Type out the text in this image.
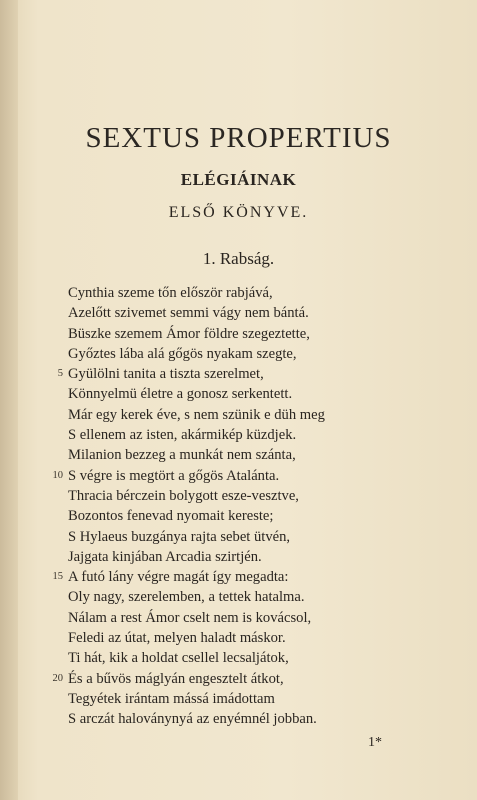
SEXTUS PROPERTIUS
ELÉGIÁINAK
ELSŐ KÖNYVE.
1. Rabság.
Cynthia szeme tőn először rabjává,
Azelőtt szivemet semmi vágy nem bántá.
Büszke szemem Ámor földre szegeztette,
Győztes lába alá gőgös nyakam szegte,
5 Gyülölni tanita a tiszta szerelmet,
Könnyelmü életre a gonosz serkentett.
Már egy kerek éve, s nem szünik e düh meg
S ellenem az isten, akármikép küzdjek.
Milanion bezzeg a munkát nem szánta,
10 S végre is megtört a gőgös Atalánta.
Thracia bérczein bolygott esze-vesztve,
Bozontos fenevad nyomait kereste;
S Hylaeus buzgánya rajta sebet ütvén,
Jajgata kinjában Arcadia szirtjén.
15 A futó lány végre magát így megadta:
Oly nagy, szerelemben, a tettek hatalma.
Nálam a rest Ámor cselt nem is kovácsol,
Feledi az útat, melyen haladt máskor.
Ti hát, kik a holdat csellel lecsaljátok,
20 És a bűvös máglyán engesztelt átkot,
Tegyétek irántam mássá imádottam
S arczát haloványnyá az enyémnél jobban.
1*
